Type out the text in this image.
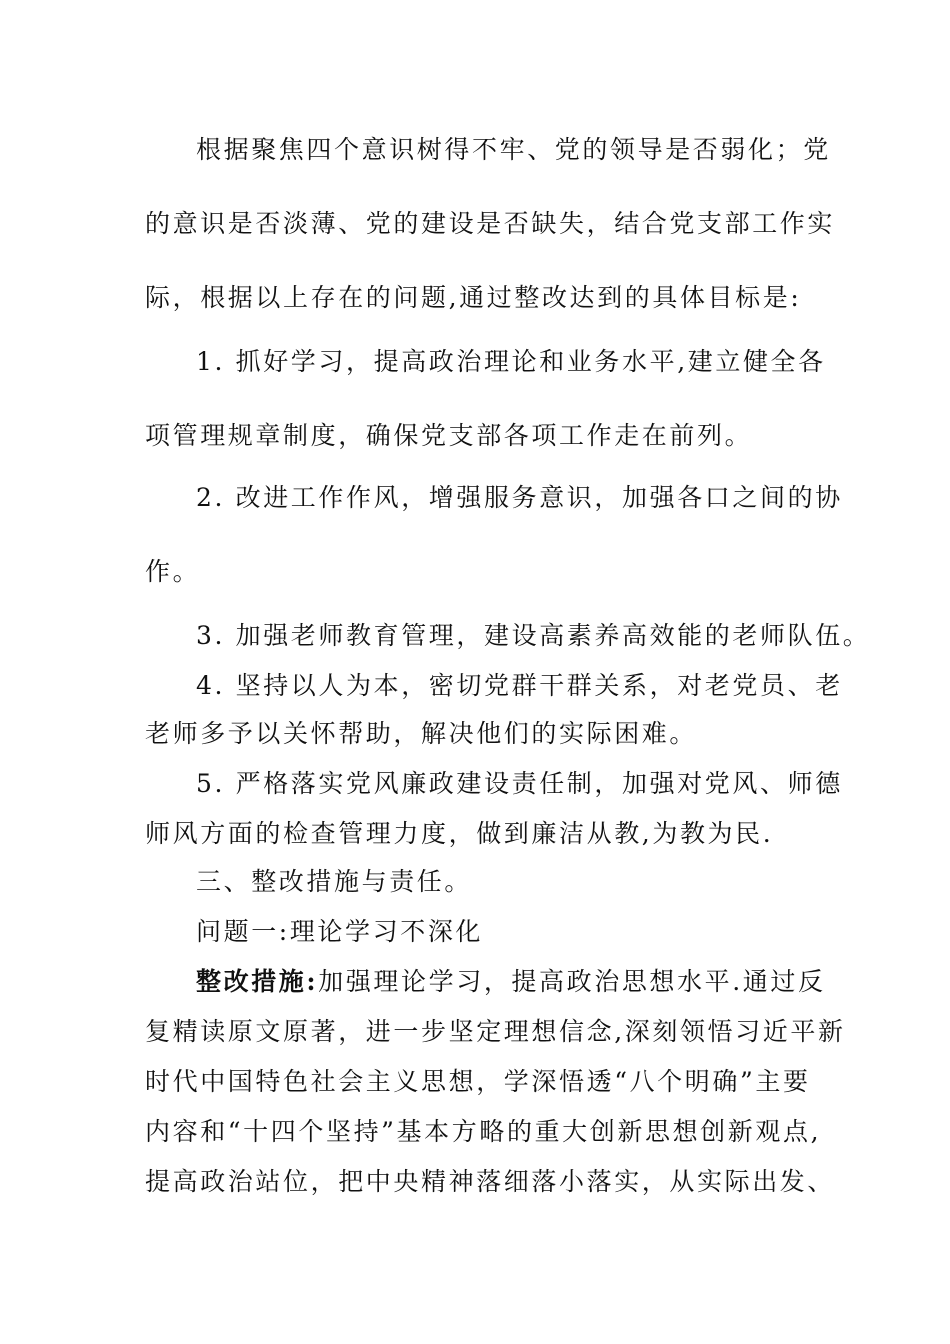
根据聚焦四个意识树得不牢、党的领导是否弱化；党
的意识是否淡薄、党的建设是否缺失，结合党支部工作实
际，根据以上存在的问题,通过整改达到的具体目标是:
1. 抓好学习，提高政治理论和业务水平,建立健全各
项管理规章制度，确保党支部各项工作走在前列。
2. 改进工作作风，增强服务意识，加强各口之间的协
作。
3. 加强老师教育管理，建设高素养高效能的老师队伍。
4. 坚持以人为本，密切党群干群关系，对老党员、老
老师多予以关怀帮助，解决他们的实际困难。
5. 严格落实党风廉政建设责任制，加强对党风、师德
师风方面的检查管理力度，做到廉洁从教,为教为民.
三、整改措施与责任。
问题一:理论学习不深化
整改措施:加强理论学习，提高政治思想水平.通过反
复精读原文原著，进一步坚定理想信念,深刻领悟习近平新
时代中国特色社会主义思想，学深悟透“八个明确”主要
内容和“十四个坚持”基本方略的重大创新思想创新观点,
提高政治站位，把中央精神落细落小落实，从实际出发、
